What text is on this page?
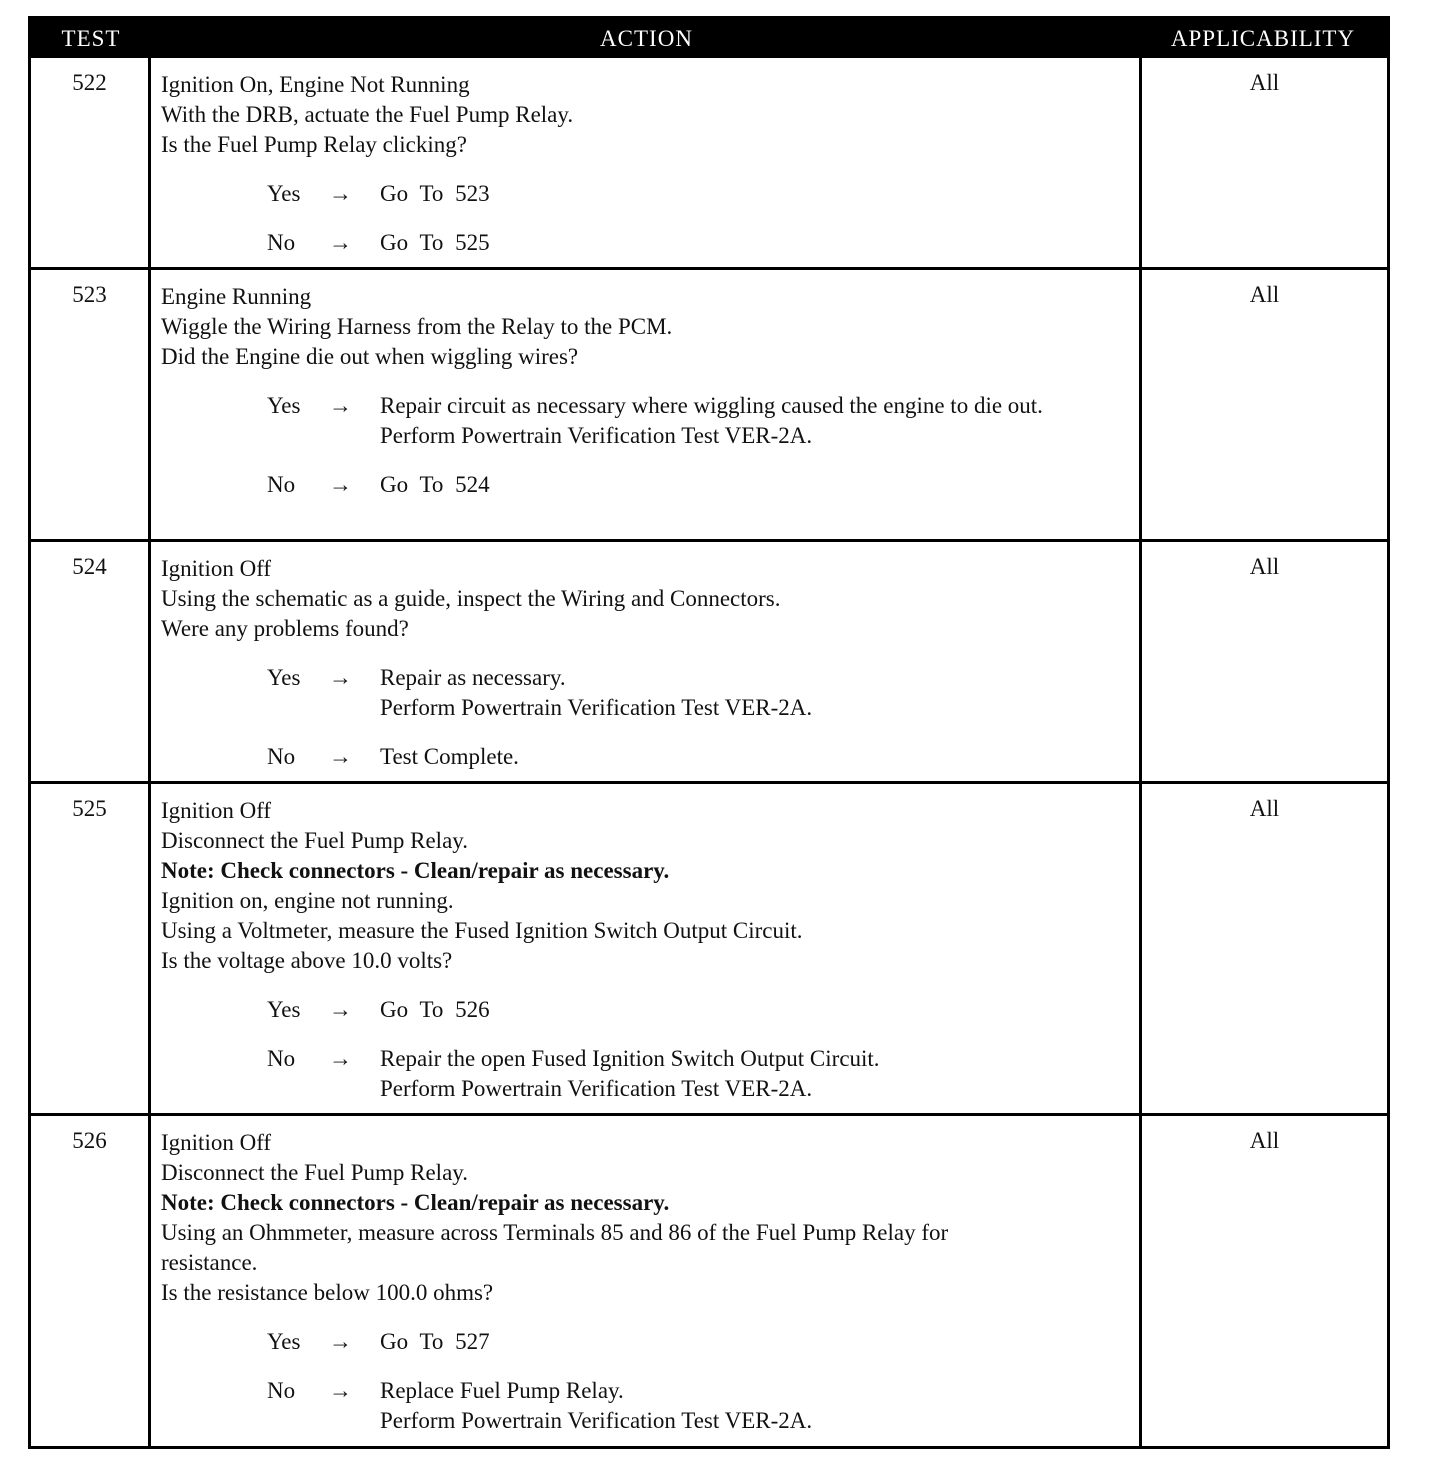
TEST	ACTION	APPLICABILITY
522	Ignition On, Engine Not Running
With the DRB, actuate the Fuel Pump Relay.
Is the Fuel Pump Relay clicking?
Yes → Go To 523
No → Go To 525
All
523	Engine Running
Wiggle the Wiring Harness from the Relay to the PCM.
Did the Engine die out when wiggling wires?
Yes → Repair circuit as necessary where wiggling caused the engine to die out.
Perform Powertrain Verification Test VER-2A.
No → Go To 524
All
524	Ignition Off
Using the schematic as a guide, inspect the Wiring and Connectors.
Were any problems found?
Yes → Repair as necessary.
Perform Powertrain Verification Test VER-2A.
No → Test Complete.
All
525	Ignition Off
Disconnect the Fuel Pump Relay.
Note: Check connectors - Clean/repair as necessary.
Ignition on, engine not running.
Using a Voltmeter, measure the Fused Ignition Switch Output Circuit.
Is the voltage above 10.0 volts?
Yes → Go To 526
No → Repair the open Fused Ignition Switch Output Circuit.
Perform Powertrain Verification Test VER-2A.
All
526	Ignition Off
Disconnect the Fuel Pump Relay.
Note: Check connectors - Clean/repair as necessary.
Using an Ohmmeter, measure across Terminals 85 and 86 of the Fuel Pump Relay for
resistance.
Is the resistance below 100.0 ohms?
Yes → Go To 527
No → Replace Fuel Pump Relay.
Perform Powertrain Verification Test VER-2A.
All
